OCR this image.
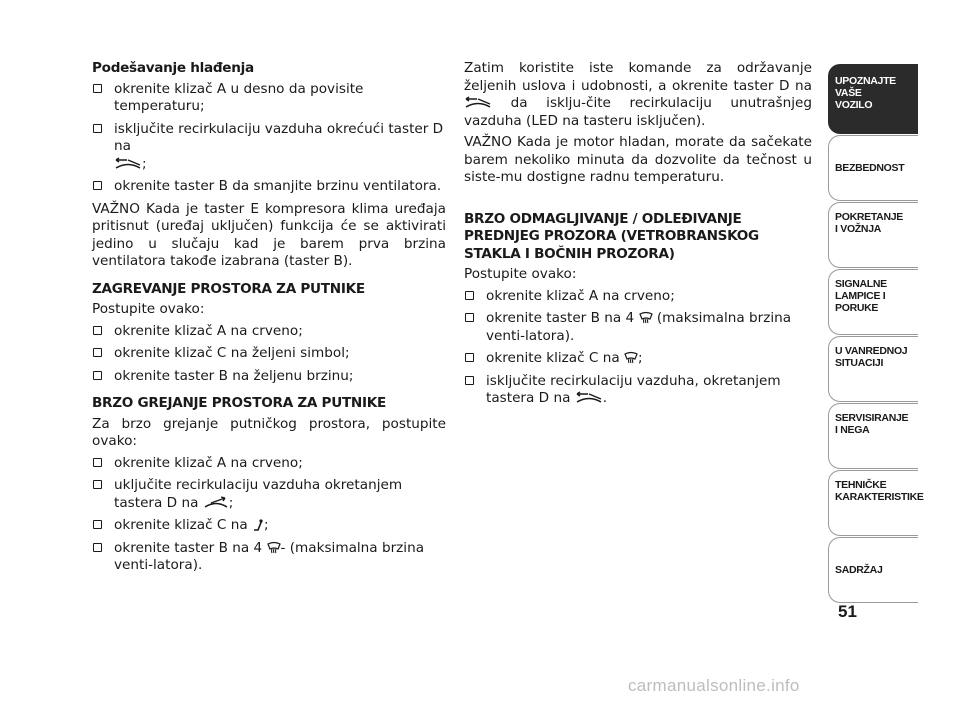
Podešavanje hlađenja
okrenite klizač A u desno da povisite temperaturu;
isključite recirkulaciju vazduha okrećući taster D na

;
okrenite taster B da smanjite brzinu ventilatora.
VAŽNO Kada je taster E kompresora klima uređaja pritisnut (uređaj uključen) funkcija će se aktivirati jedino u slučaju kad je barem prva brzina ventilatora takođe izabrana (taster B).
ZAGREVANJE PROSTORA ZA PUTNIKE
Postupite ovako:
okrenite klizač A na crveno;
okrenite klizač C na željeni simbol;
okrenite taster B na željenu brzinu;
BRZO GREJANJE PROSTORA ZA PUTNIKE
Za brzo grejanje putničkog prostora, postupite ovako:
okrenite klizač A na crveno;
uključite recirkulaciju vazduha okretanjem tastera D na ;
okrenite klizač C na ;
okrenite taster B na 4 - (maksimalna brzina venti-latora).
Zatim koristite iste komande za održavanje željenih uslova i udobnosti, a okrenite taster D na
da isklju-čite recirkulaciju unutrašnjeg vazduha (LED na tasteru isključen).
VAŽNO Kada je motor hladan, morate da sačekate barem nekoliko minuta da dozvolite da tečnost u siste-mu dostigne radnu temperaturu.
BRZO ODMAGLJIVANJE / ODLEĐIVANJE PREDNJEG PROZORA (VETROBRANSKOG STAKLA I BOČNIH PROZORA)
Postupite ovako:
okrenite klizač A na crveno;
okrenite taster B na 4 (maksimalna brzina venti-latora).
okrenite klizač C na ;
isključite recirkulaciju vazduha, okretanjem tastera D na .
UPOZNAJTE
VAŠE
VOZILO
BEZBEDNOST
POKRETANJE
I VOŽNJA
SIGNALNE
LAMPICE I PORUKE
U VANREDNOJ
SITUACIJI
SERVISIRANJE
I NEGA
TEHNIČKE
KARAKTERISTIKE
SADRŽAJ
51
carmanualsonline.info
